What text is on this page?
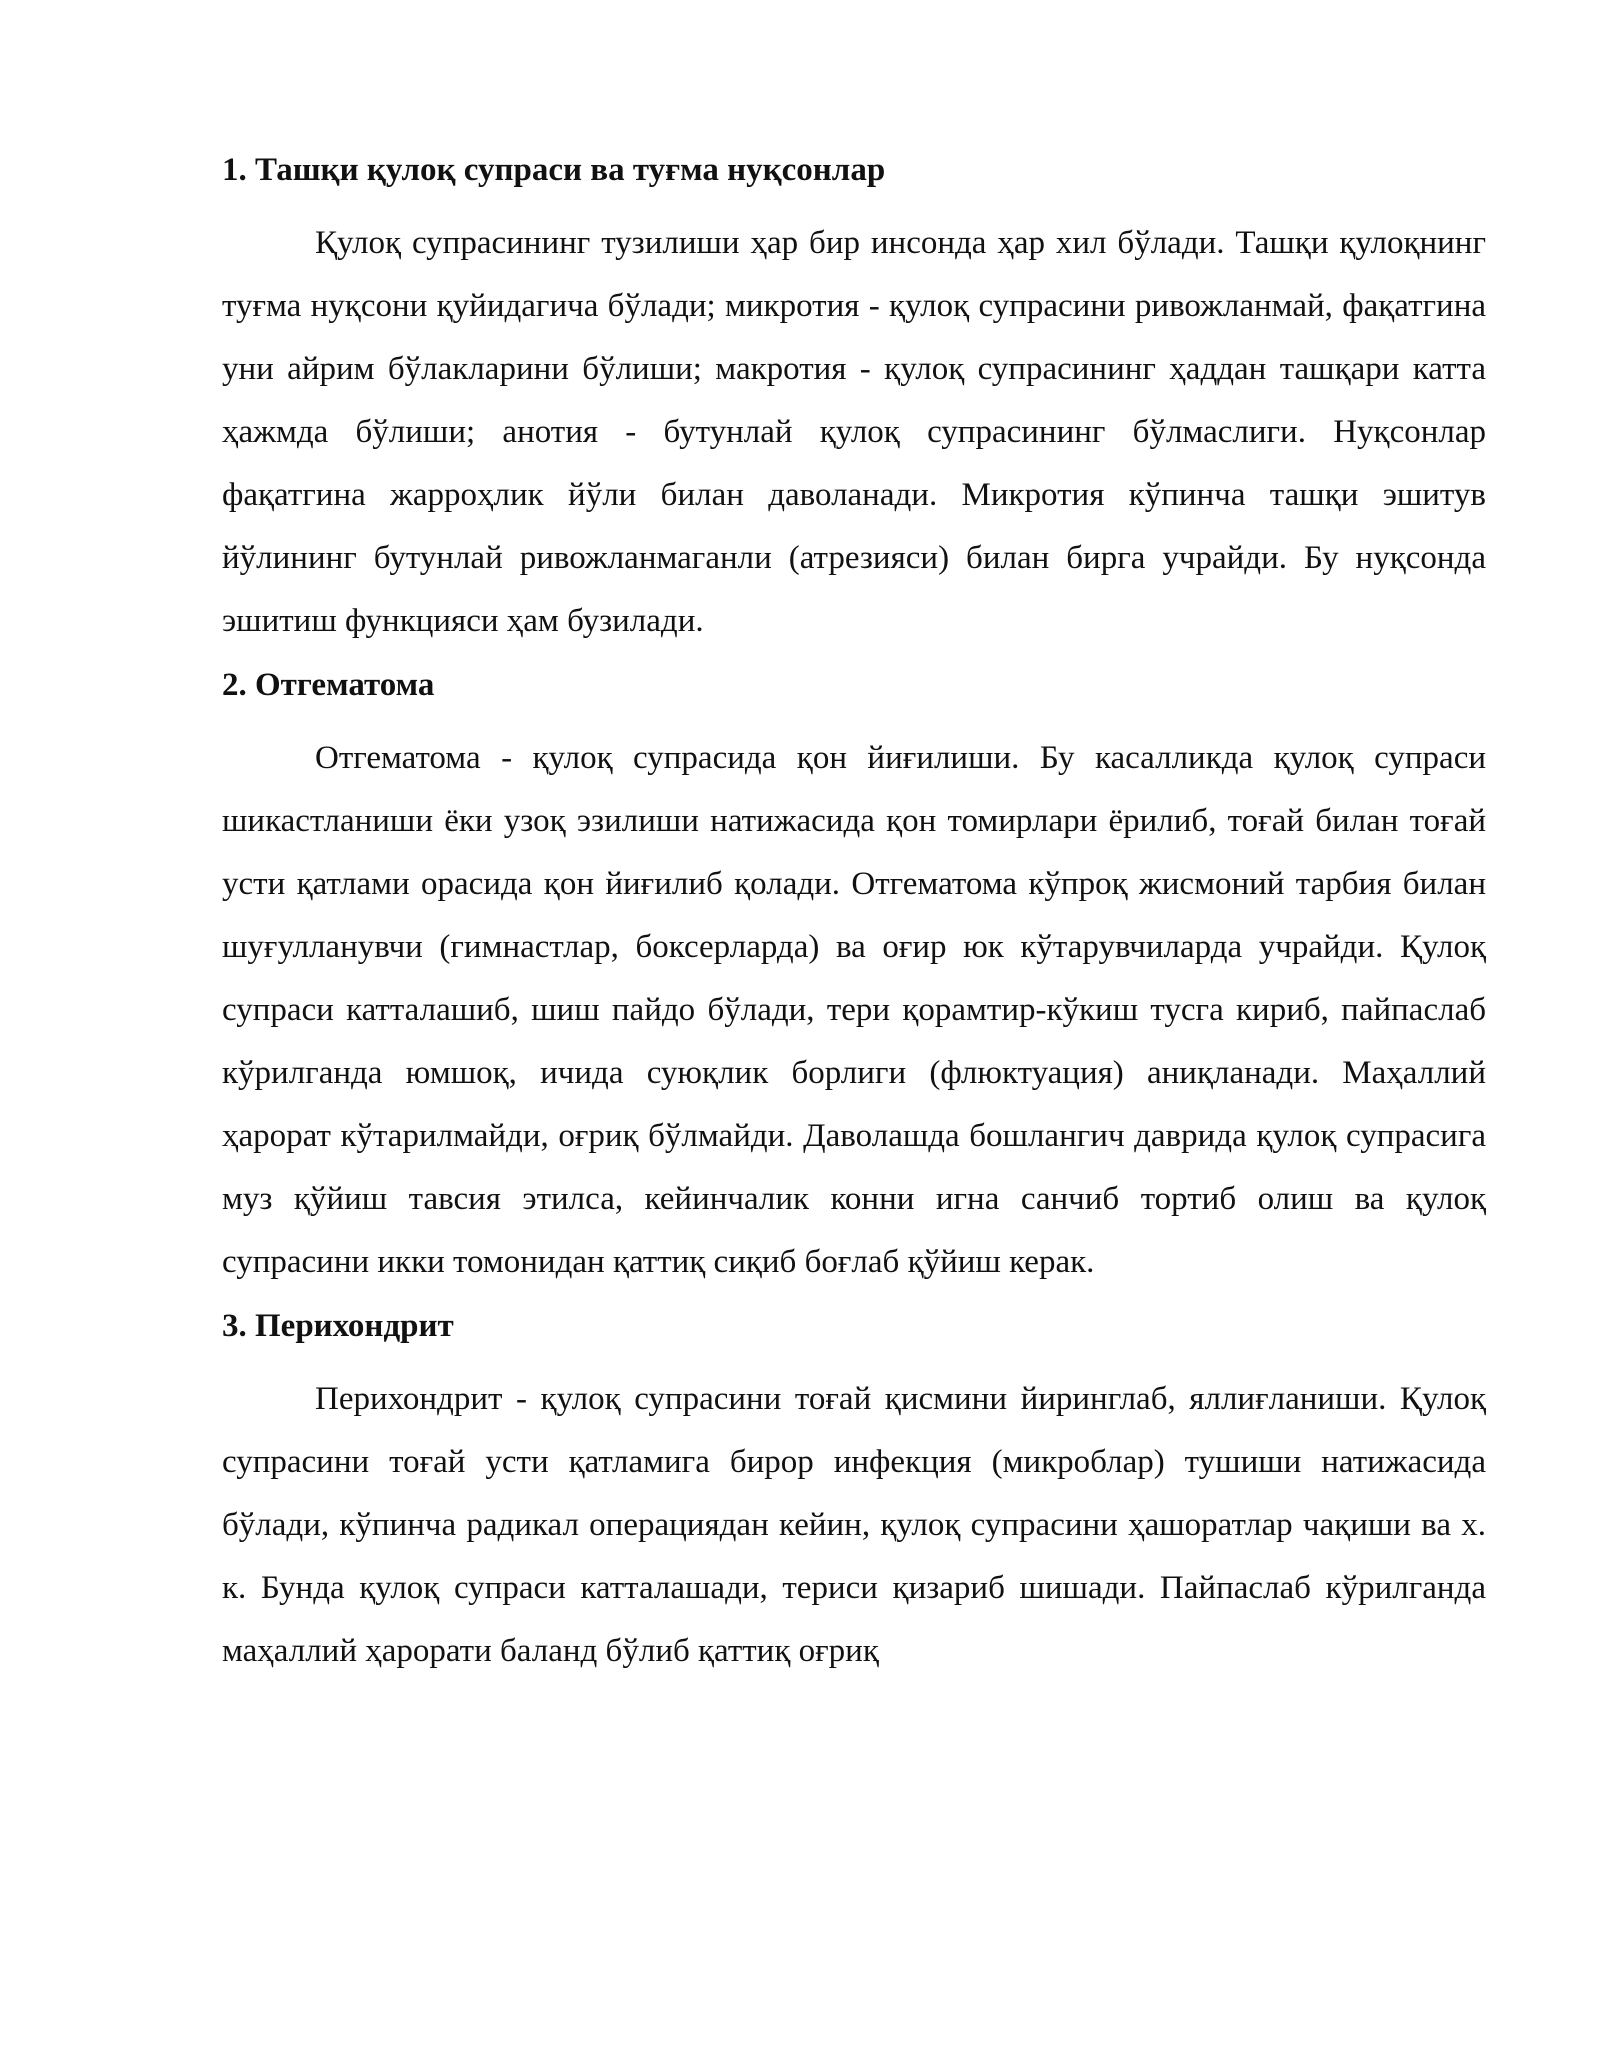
1. Ташқи қулоқ супраси ва туғма нуқсонлар

Қулоқ супрасининг тузилиши ҳар бир инсонда ҳар хил бўлади. Ташқи қулоқнинг туғма нуқсони қуйидагича бўлади; микротия - қулоқ супрасини ривожланмай, фақатгина уни айрим бўлакларини бўлиши; макротия - қулоқ супрасининг ҳаддан ташқари катта ҳажмда бўлиши; анотия - бутунлай қулоқ супрасининг бўлмаслиги. Нуқсонлар фақатгина жарроҳлик йўли билан даволанади. Микротия кўпинча ташқи эшитув йўлининг бутунлай ривожланмаганли (атрезияси) билан бирга учрайди. Бу нуқсонда эшитиш функцияси ҳам бузилади.

2. Отгематома

Отгематома - қулоқ супрасида қон йиғилиши. Бу касалликда қулоқ супраси шикастланиши ёки узоқ эзилиши натижасида қон томирлари ёрилиб, тоғай билан тоғай усти қатлами орасида қон йиғилиб қолади. Отгематома кўпроқ жисмоний тарбия билан шуғулланувчи (гимнастлар, боксерларда) ва оғир юк кўтарувчиларда учрайди. Қулоқ супраси катталашиб, шиш пайдо бўлади, тери қорамтир-кўкиш тусга кириб, пайпаслаб кўрилганда юмшоқ, ичида суюқлик борлиги (флюктуация) аниқланади. Маҳаллий ҳарорат кўтарилмайди, оғриқ бўлмайди. Даволашда бошлангич даврида қулоқ супрасига муз қўйиш тавсия этилса, кейинчалик конни игна санчиб тортиб олиш ва қулоқ супрасини икки томонидан қаттиқ сиқиб боғлаб қўйиш керак.

3. Перихондрит

Перихондрит - қулоқ супрасини тоғай қисмини йиринглаб, яллиғланиши. Қулоқ супрасини тоғай усти қатламига бирор инфекция (микроблар) тушиши натижасида бўлади, кўпинча радикал операциядан кейин, қулоқ супрасини ҳашоратлар чақиши ва х. к. Бунда қулоқ супраси катталашади, териси қизариб шишади. Пайпаслаб кўрилганда маҳаллий ҳарорати баланд бўлиб қаттиқ оғриқ
